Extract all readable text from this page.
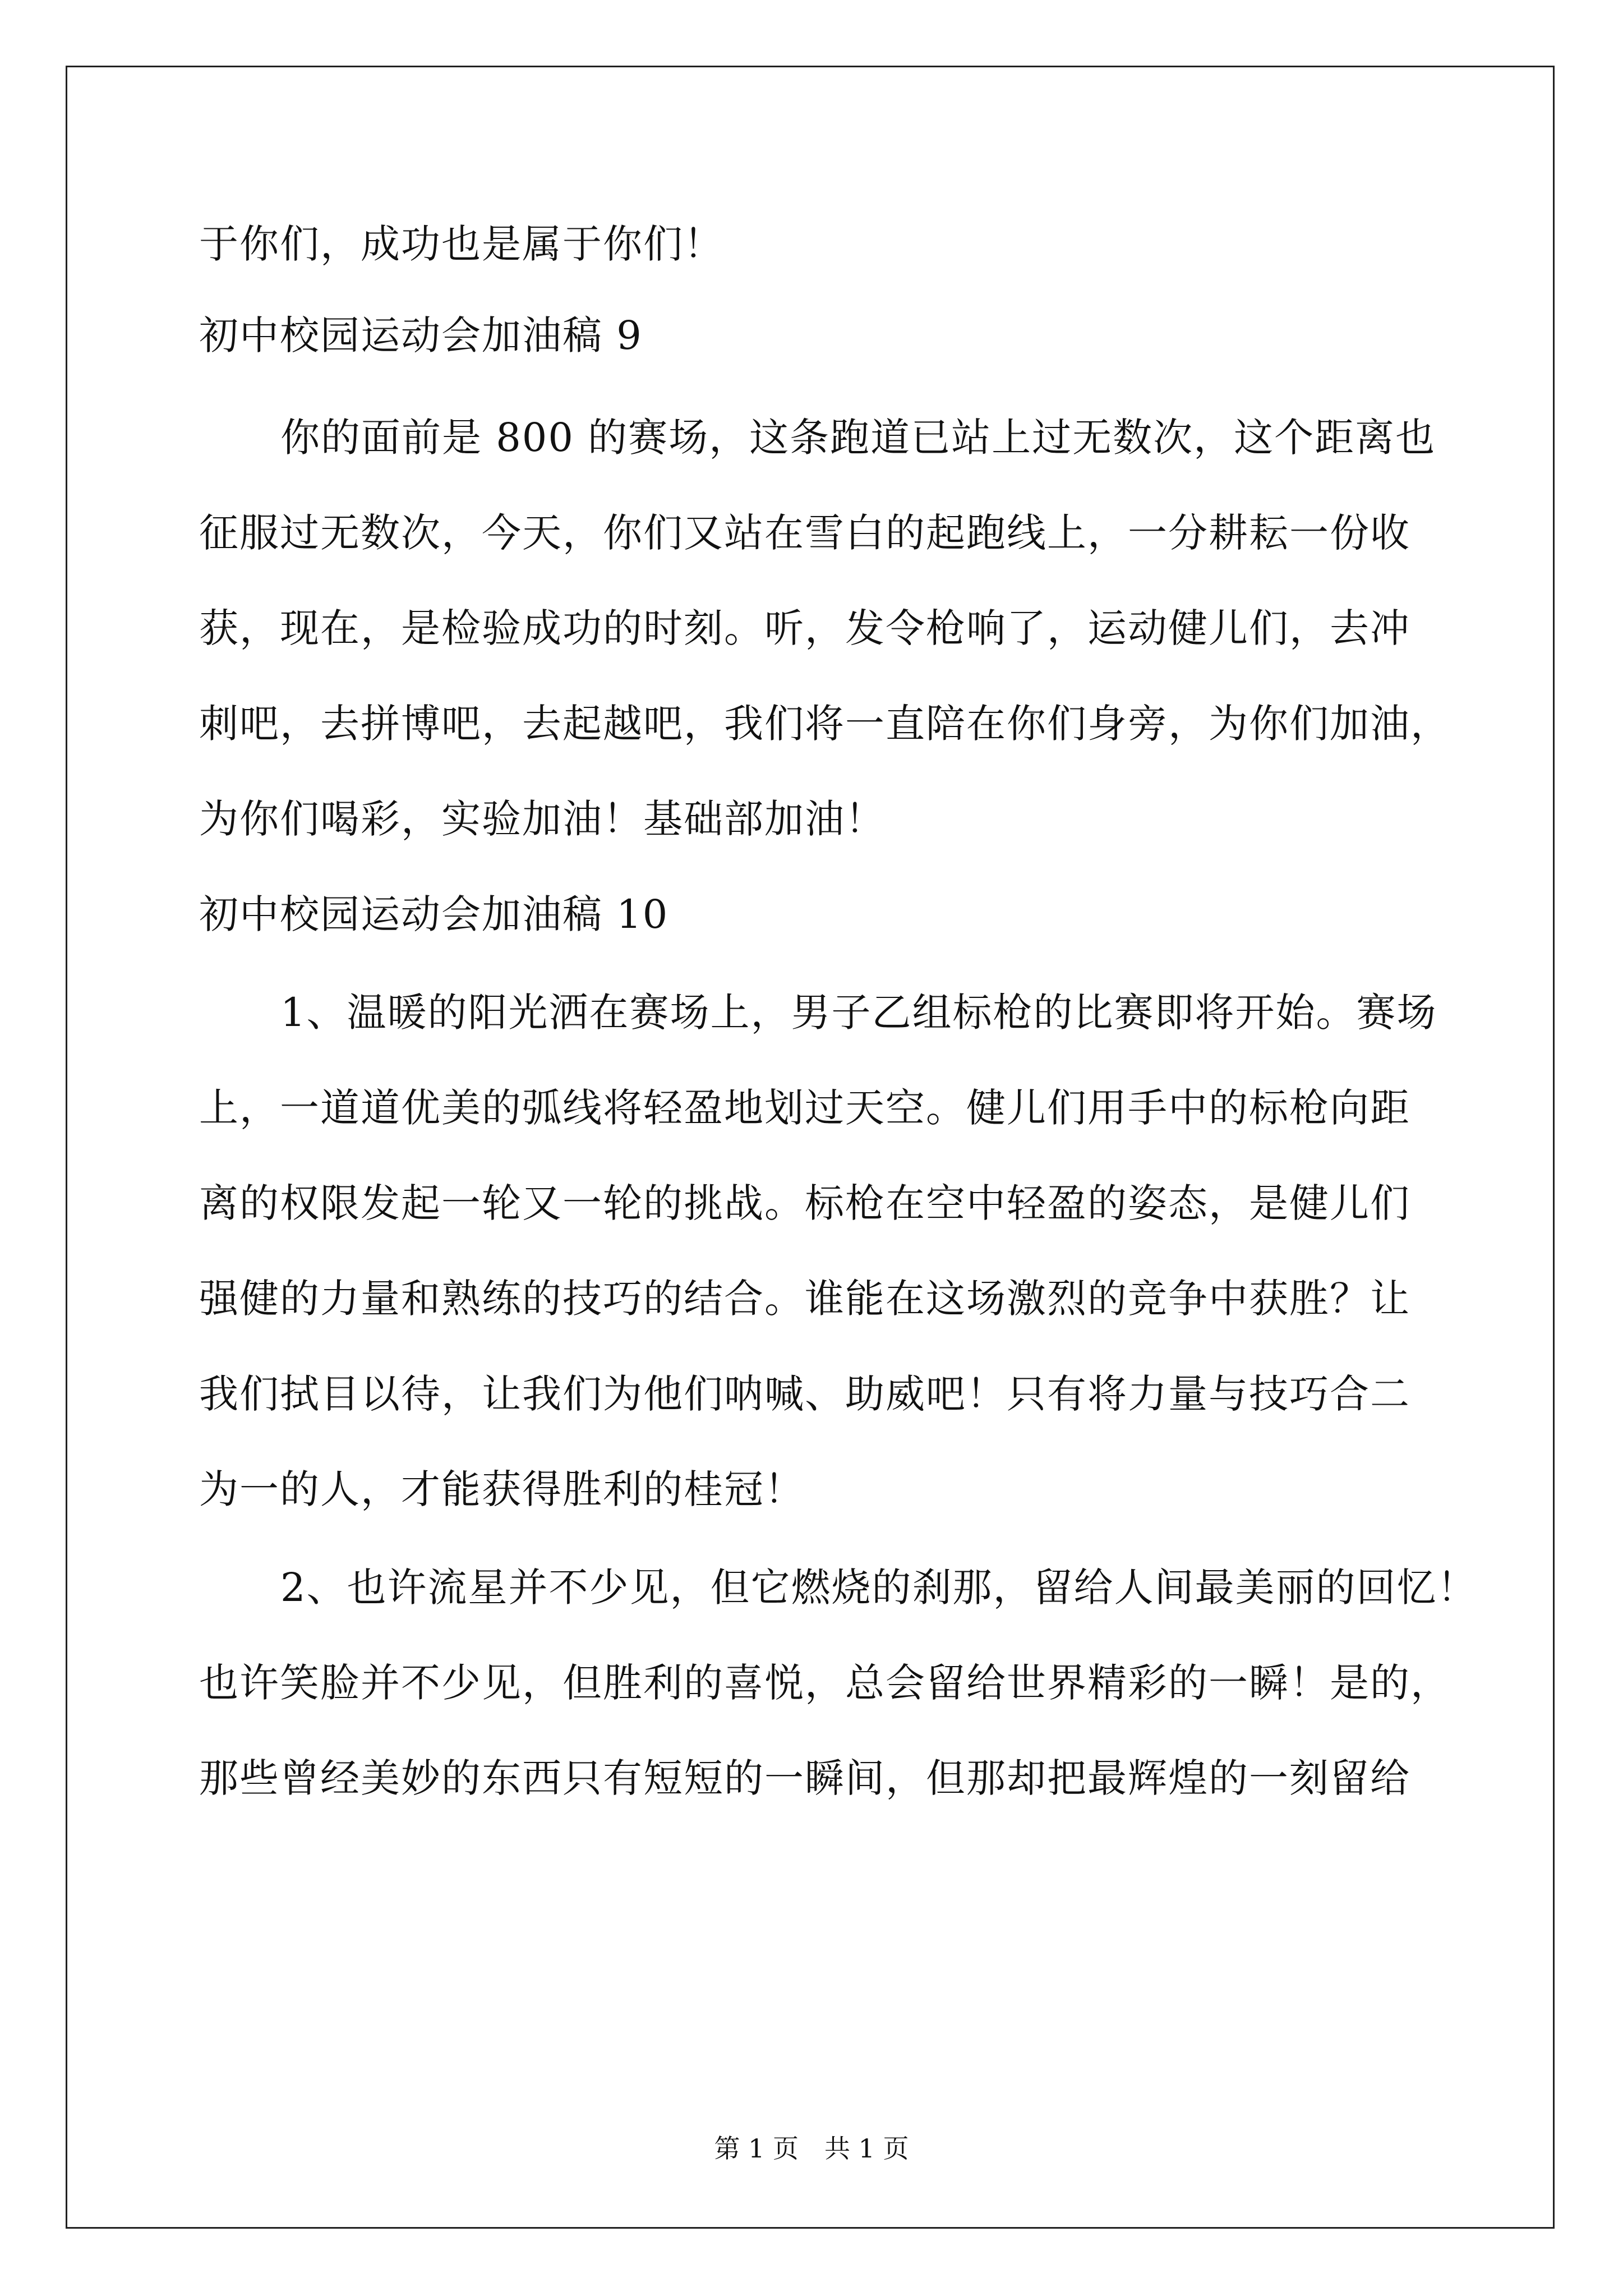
于你们，成功也是属于你们！
初中校园运动会加油稿 9
你的面前是 800 的赛场，这条跑道已站上过无数次，这个距离也
征服过无数次，今天，你们又站在雪白的起跑线上，一分耕耘一份收
获，现在，是检验成功的时刻。听，发令枪响了，运动健儿们，去冲
刺吧，去拼博吧，去起越吧，我们将一直陪在你们身旁，为你们加油，
为你们喝彩，实验加油！基础部加油！
初中校园运动会加油稿 10
1、温暖的阳光洒在赛场上，男子乙组标枪的比赛即将开始。赛场
上，一道道优美的弧线将轻盈地划过天空。健儿们用手中的标枪向距
离的权限发起一轮又一轮的挑战。标枪在空中轻盈的姿态，是健儿们
强健的力量和熟练的技巧的结合。谁能在这场激烈的竞争中获胜？让
我们拭目以待，让我们为他们呐喊、助威吧！只有将力量与技巧合二
为一的人，才能获得胜利的桂冠！
2、也许流星并不少见，但它燃烧的刹那，留给人间最美丽的回忆！
也许笑脸并不少见，但胜利的喜悦，总会留给世界精彩的一瞬！是的，
那些曾经美妙的东西只有短短的一瞬间，但那却把最辉煌的一刻留给
第 1 页　共 1 页
